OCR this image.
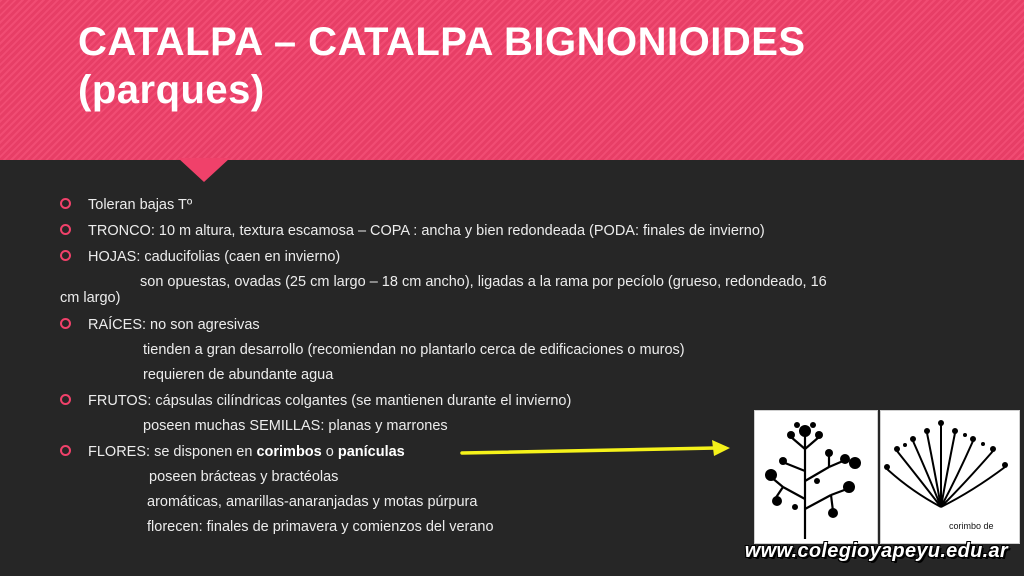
CATALPA – CATALPA BIGNONIOIDES (parques)
Toleran bajas Tº
TRONCO: 10 m altura, textura escamosa – COPA : ancha y bien redondeada (PODA: finales de invierno)
HOJAS: caducifolias (caen en invierno)
son opuestas, ovadas (25 cm largo – 18 cm ancho), ligadas a la rama por pecíolo (grueso, redondeado, 16
cm largo)
RAÍCES: no son agresivas
tienden a gran desarrollo (recomiendan no plantarlo cerca de edificaciones o muros)
requieren de abundante agua
FRUTOS: cápsulas cilíndricas colgantes (se mantienen durante el invierno)
poseen muchas SEMILLAS: planas y marrones
FLORES: se disponen en corimbos o panículas
poseen brácteas y bractéolas
aromáticas, amarillas-anaranjadas y motas púrpura
florecen: finales de primavera y comienzos del verano	corimbo de
www.colegioyapeyu.edu.ar
